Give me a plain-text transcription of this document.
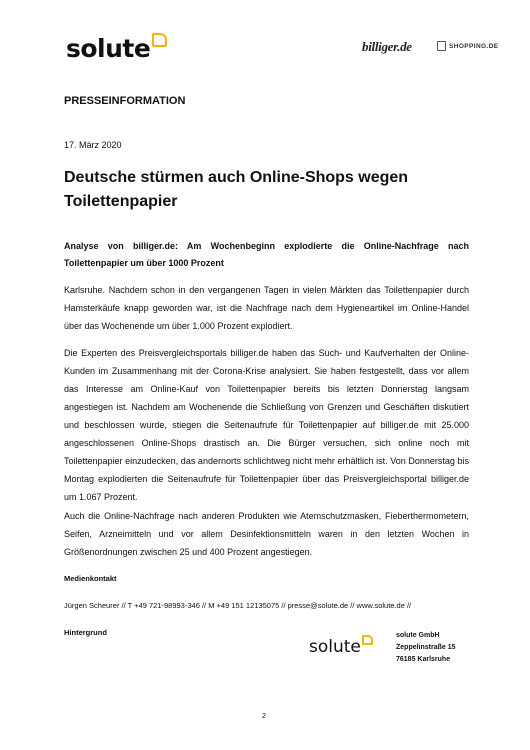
solute	billiger.de	SHOPPING.DE
PRESSEINFORMATION
17. März 2020
Deutsche stürmen auch Online-Shops wegen Toilettenpapier
Analyse von billiger.de: Am Wochenbeginn explodierte die Online-Nachfrage nach Toilettenpapier um über 1000 Prozent

Karlsruhe. Nachdem schon in den vergangenen Tagen in vielen Märkten das Toilettenpapier durch Hamsterkäufe knapp geworden war, ist die Nachfrage nach dem Hygieneartikel im Online-Handel über das Wochenende um über 1.000 Prozent explodiert.

Die Experten des Preisvergleichsportals billiger.de haben das Such- und Kaufverhalten der Online-Kunden im Zusammenhang mit der Corona-Krise analysiert. Sie haben festgestellt, dass vor allem das Interesse am Online-Kauf von Toilettenpapier bereits bis letzten Donnerstag langsam angestiegen ist. Nachdem am Wochenende die Schließung von Grenzen und Geschäften diskutiert und beschlossen wurde, stiegen die Seitenaufrufe für Toilettenpapier auf billiger.de mit 25.000 angeschlossenen Online-Shops drastisch an. Die Bürger versuchen, sich online noch mit Toilettenpapier einzudecken, das andernorts schlichtweg nicht mehr erhältlich ist. Von Donnerstag bis Montag explodierten die Seitenaufrufe für Toilettenpapier über das Preisvergleichsportal billiger.de um 1.067 Prozent.

Auch die Online-Nachfrage nach anderen Produkten wie Atemschutzmasken, Fieberthermometern, Seifen, Arzneimitteln und vor allem Desinfektionsmitteln waren in den letzten Wochen in Größenordnungen zwischen 25 und 400 Prozent angestiegen.

Medienkontakt
Jürgen Scheurer // T +49 721-98993-346 // M +49 151 12135075 // presse@solute.de // www.solute.de //
Hintergrund
solute
solute GmbH
Zeppelinstraße 15
76185 Karlsruhe
2
